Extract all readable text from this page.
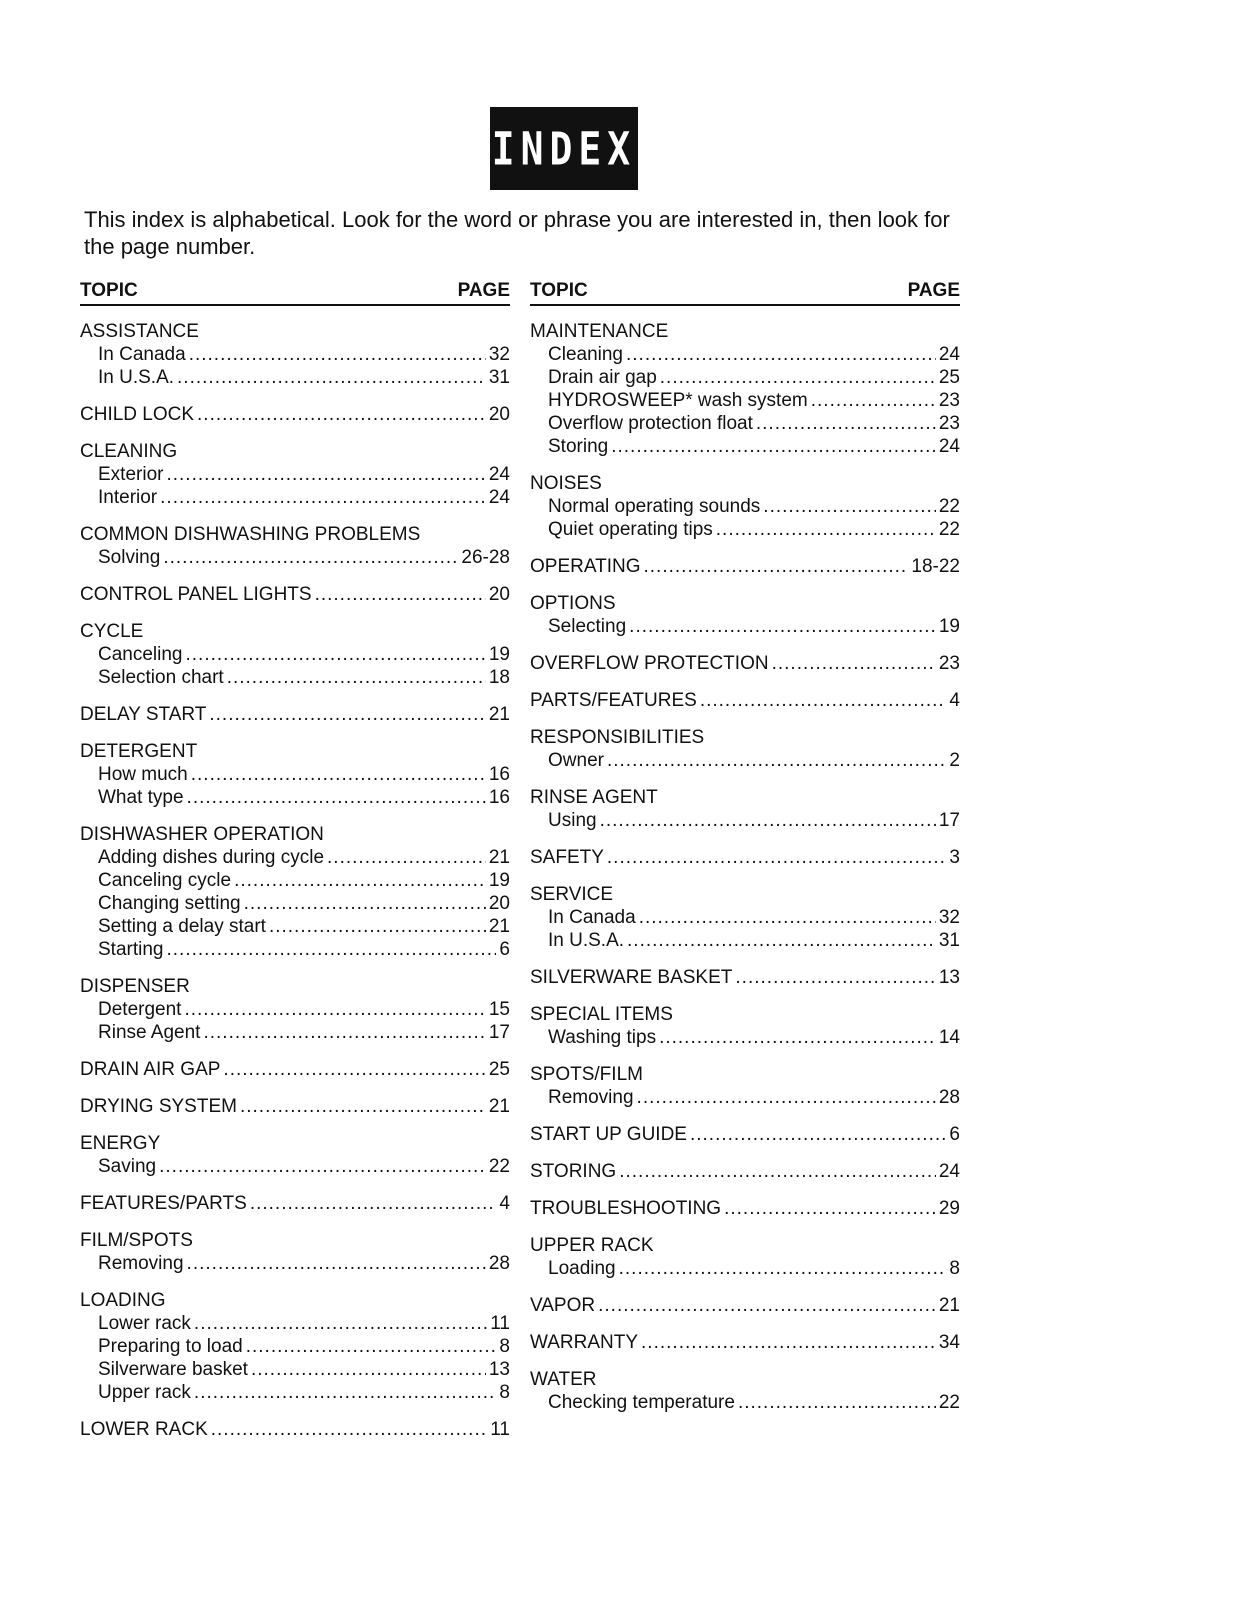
INDEX
This index is alphabetical. Look for the word or phrase you are interested in, then look for the page number.
TOPIC	PAGE
ASSISTANCE
In Canada .....	32
In U.S.A. .....	31
CHILD LOCK .....	20
CLEANING
Exterior .....	24
Interior .....	24
COMMON DISHWASHING PROBLEMS
Solving .....	26-28
CONTROL PANEL LIGHTS .....	20
CYCLE
Canceling .....	19
Selection chart .....	18
DELAY START .....	21
DETERGENT
How much .....	16
What type .....	16
DISHWASHER OPERATION
Adding dishes during cycle .....	21
Canceling cycle .....	19
Changing setting .....	20
Setting a delay start .....	21
Starting .....	6
DISPENSER
Detergent .....	15
Rinse Agent .....	17
DRAIN AIR GAP .....	25
DRYING SYSTEM .....	21
ENERGY
Saving .....	22
FEATURES/PARTS .....	4
FILM/SPOTS
Removing .....	28
LOADING
Lower rack .....	11
Preparing to load .....	8
Silverware basket .....	13
Upper rack .....	8
LOWER RACK .....	11
TOPIC	PAGE
MAINTENANCE
Cleaning .....	24
Drain air gap .....	25
HYDROSWEEP* wash system .....	23
Overflow protection float .....	23
Storing .....	24
NOISES
Normal operating sounds .....	22
Quiet operating tips .....	22
OPERATING .....	18-22
OPTIONS
Selecting .....	19
OVERFLOW PROTECTION .....	23
PARTS/FEATURES .....	4
RESPONSIBILITIES
Owner .....	2
RINSE AGENT
Using .....	17
SAFETY .....	3
SERVICE
In Canada .....	32
In U.S.A. .....	31
SILVERWARE BASKET .....	13
SPECIAL ITEMS
Washing tips .....	14
SPOTS/FILM
Removing .....	28
START UP GUIDE .....	6
STORING .....	24
TROUBLESHOOTING .....	29
UPPER RACK
Loading .....	8
VAPOR .....	21
WARRANTY .....	34
WATER
Checking temperature .....	22
